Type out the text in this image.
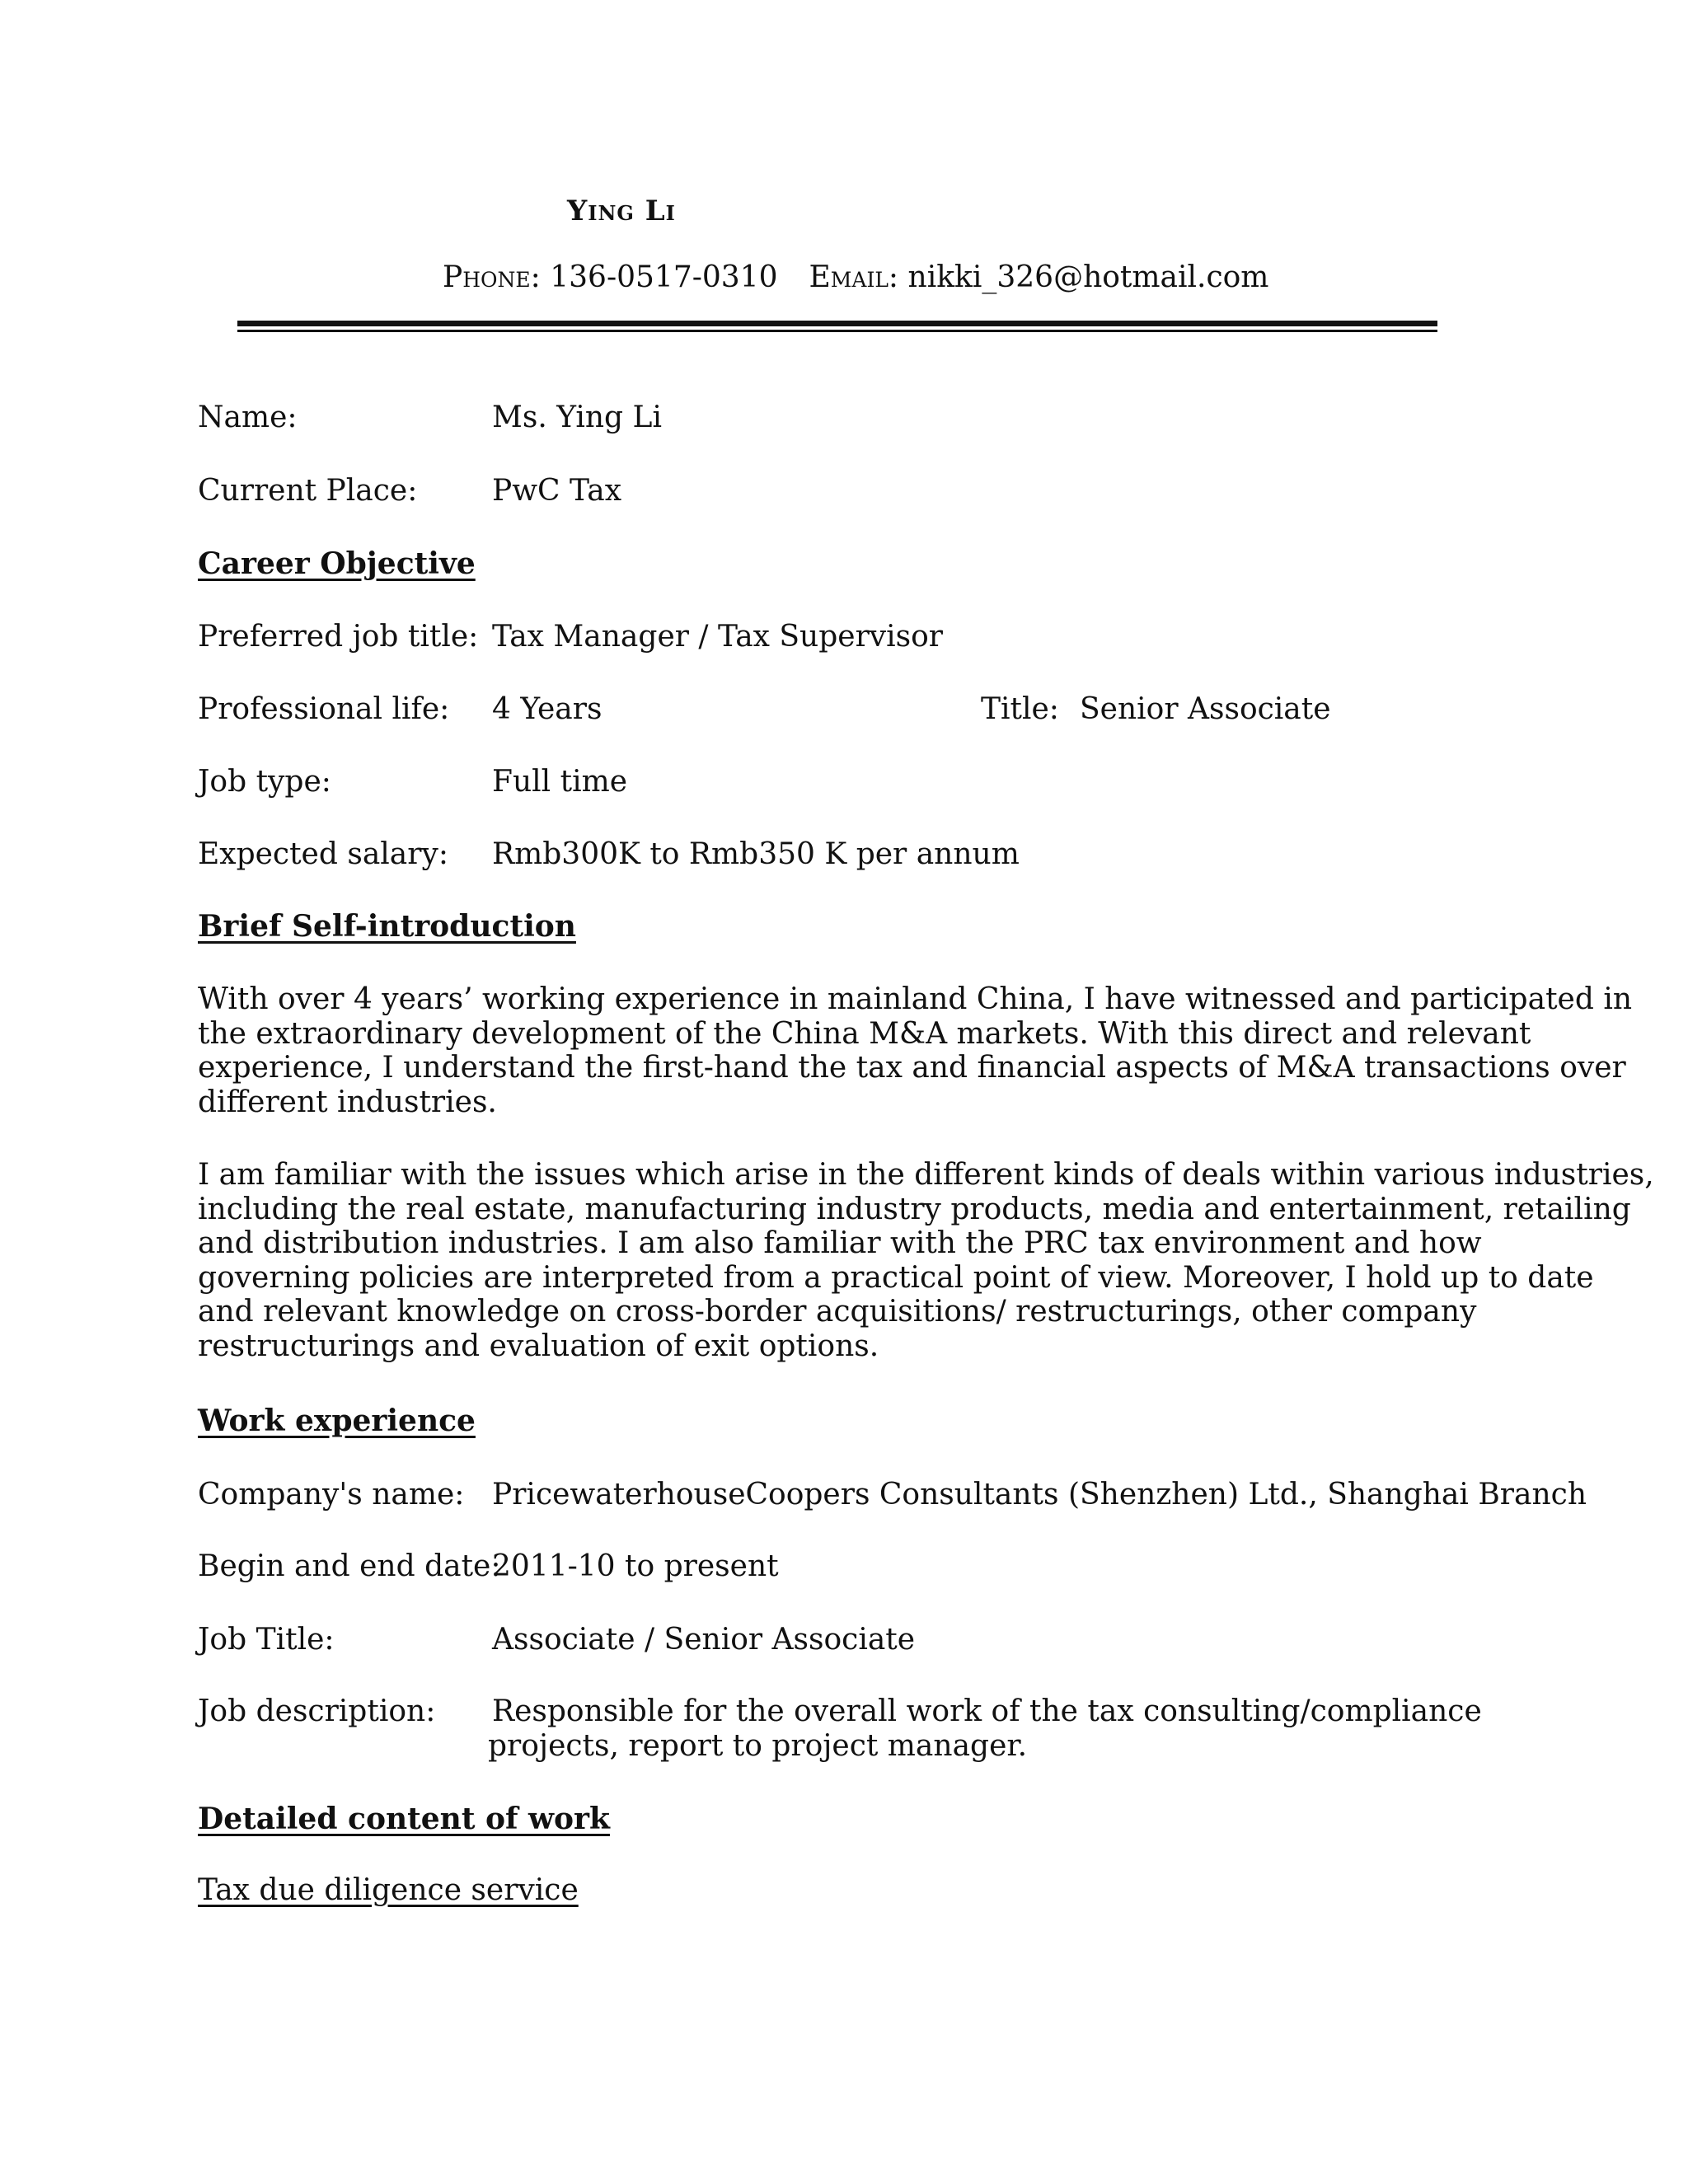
Ying Li
Phone: 136-0517-0310 Email: nikki_326@hotmail.com
Name:	Ms. Ying Li
Current Place:	PwC Tax
Career Objective
Preferred job title: Tax Manager / Tax Supervisor
Professional life: 4 Years	Title: Senior Associate
Job type:	Full time
Expected salary: Rmb300K to Rmb350 K per annum
Brief Self-introduction
With over 4 years’ working experience in mainland China, I have witnessed and participated in
the extraordinary development of the China M&A markets. With this direct and relevant
experience, I understand the first-hand the tax and financial aspects of M&A transactions over
different industries.
I am familiar with the issues which arise in the different kinds of deals within various industries,
including the real estate, manufacturing industry products, media and entertainment, retailing
and distribution industries. I am also familiar with the PRC tax environment and how
governing policies are interpreted from a practical point of view. Moreover, I hold up to date
and relevant knowledge on cross-border acquisitions/ restructurings, other company
restructurings and evaluation of exit options.
Work experience
Company's name: PricewaterhouseCoopers Consultants (Shenzhen) Ltd., Shanghai Branch
Begin and end date:
2011-10 to present
Job Title:	Associate / Senior Associate
Job description: Responsible for the overall work of the tax consulting/compliance
projects, report to project manager.
Detailed content of work
Tax due diligence service
